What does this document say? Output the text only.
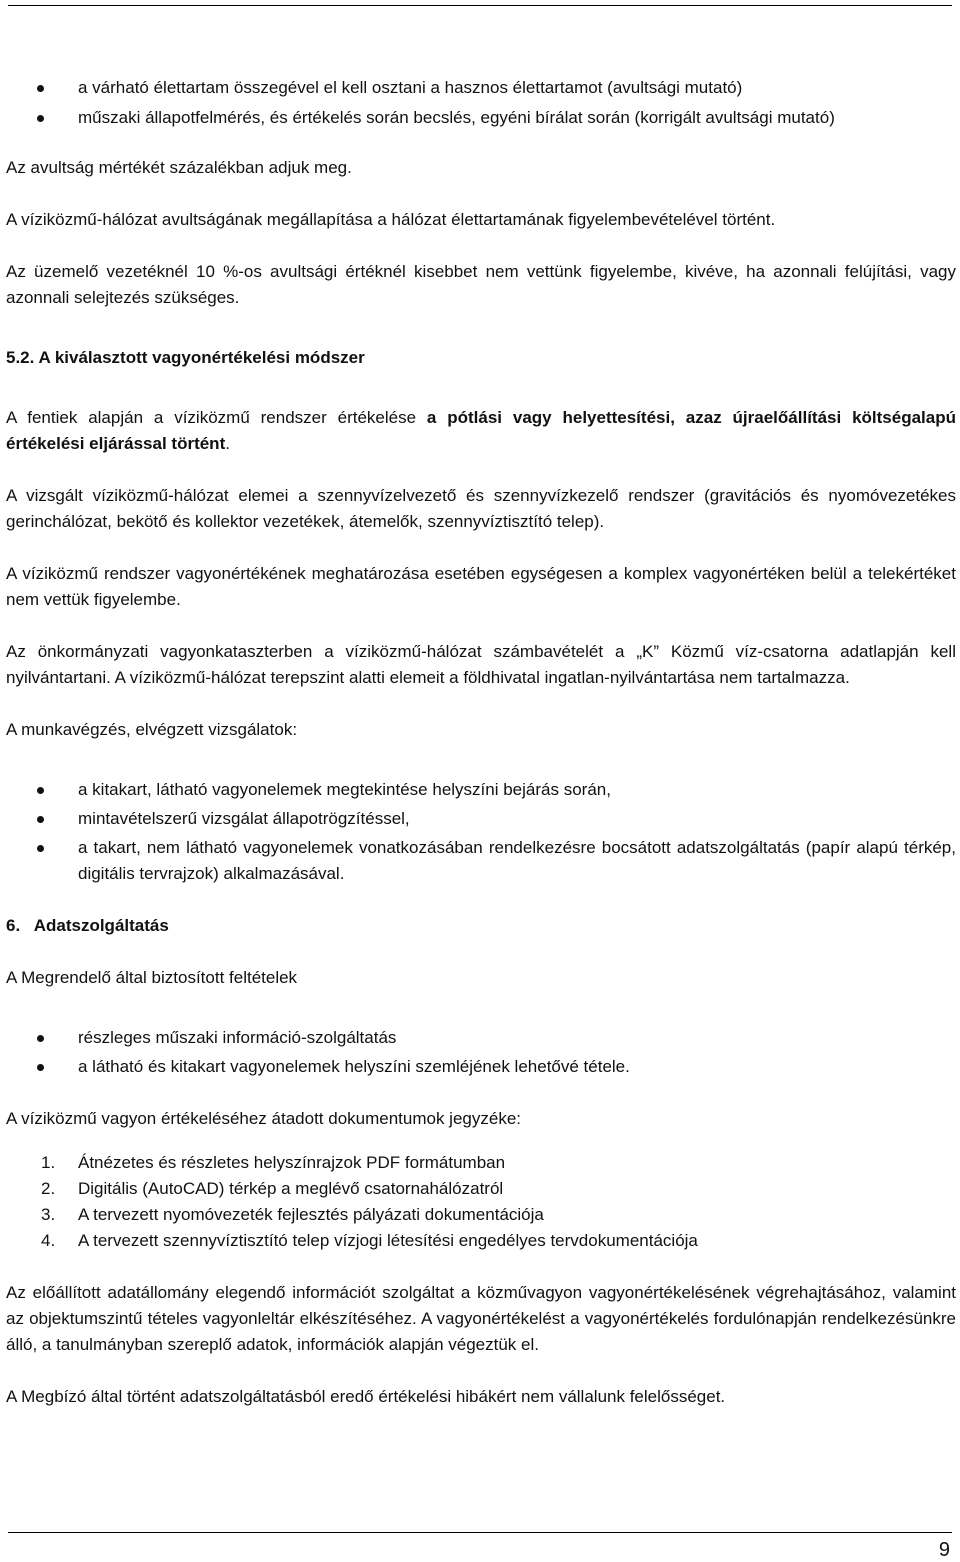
a várható élettartam összegével el kell osztani a hasznos élettartamot (avultsági mutató)
műszaki állapotfelmérés, és értékelés során becslés, egyéni bírálat során (korrigált avultsági mutató)

Az avultság mértékét százalékban adjuk meg.

A víziközmű-hálózat avultságának megállapítása a hálózat élettartamának figyelembevételével történt.

Az üzemelő vezetéknél 10 %-os avultsági értéknél kisebbet nem vettünk figyelembe, kivéve, ha azonnali felújítási, vagy azonnali selejtezés szükséges.

5.2. A kiválasztott vagyonértékelési módszer

A fentiek alapján a víziközmű rendszer értékelése a pótlási vagy helyettesítési, azaz újraelőállítási költségalapú értékelési eljárással történt.

A vizsgált víziközmű-hálózat elemei a szennyvízelvezető és szennyvízkezelő rendszer (gravitációs és nyomóvezetékes gerinchálózat, bekötő és kollektor vezetékek, átemelők, szennyvíztisztító telep).

A víziközmű rendszer vagyonértékének meghatározása esetében egységesen a komplex vagyonértéken belül a telekértéket nem vettük figyelembe.

Az önkormányzati vagyonkataszterben a víziközmű-hálózat számbavételét a „K” Közmű víz-csatorna adatlapján kell nyilvántartani. A víziközmű-hálózat terepszint alatti elemeit a földhivatal ingatlan-nyilvántartása nem tartalmazza.

A munkavégzés, elvégzett vizsgálatok:

a kitakart, látható vagyonelemek megtekintése helyszíni bejárás során,
mintavételszerű vizsgálat állapotrögzítéssel,
a takart, nem látható vagyonelemek vonatkozásában rendelkezésre bocsátott adatszolgáltatás (papír alapú térkép, digitális tervrajzok) alkalmazásával.

6.   Adatszolgáltatás

A Megrendelő által biztosított feltételek

részleges műszaki információ-szolgáltatás
a látható és kitakart vagyonelemek helyszíni szemléjének lehetővé tétele.

A víziközmű vagyon értékeléséhez átadott dokumentumok jegyzéke:

1. Átnézetes és részletes helyszínrajzok PDF formátumban
2. Digitális (AutoCAD) térkép a meglévő csatornahálózatról
3. A tervezett nyomóvezeték fejlesztés pályázati dokumentációja
4. A tervezett szennyvíztisztító telep vízjogi létesítési engedélyes tervdokumentációja

Az előállított adatállomány elegendő információt szolgáltat a közművagyon vagyonértékelésének végrehajtásához, valamint az objektumszintű tételes vagyonleltár elkészítéséhez. A vagyonértékelést a vagyonértékelés fordulónapján rendelkezésünkre álló, a tanulmányban szereplő adatok, információk alapján végeztük el.

A Megbízó által történt adatszolgáltatásból eredő értékelési hibákért nem vállalunk felelősséget.

9
